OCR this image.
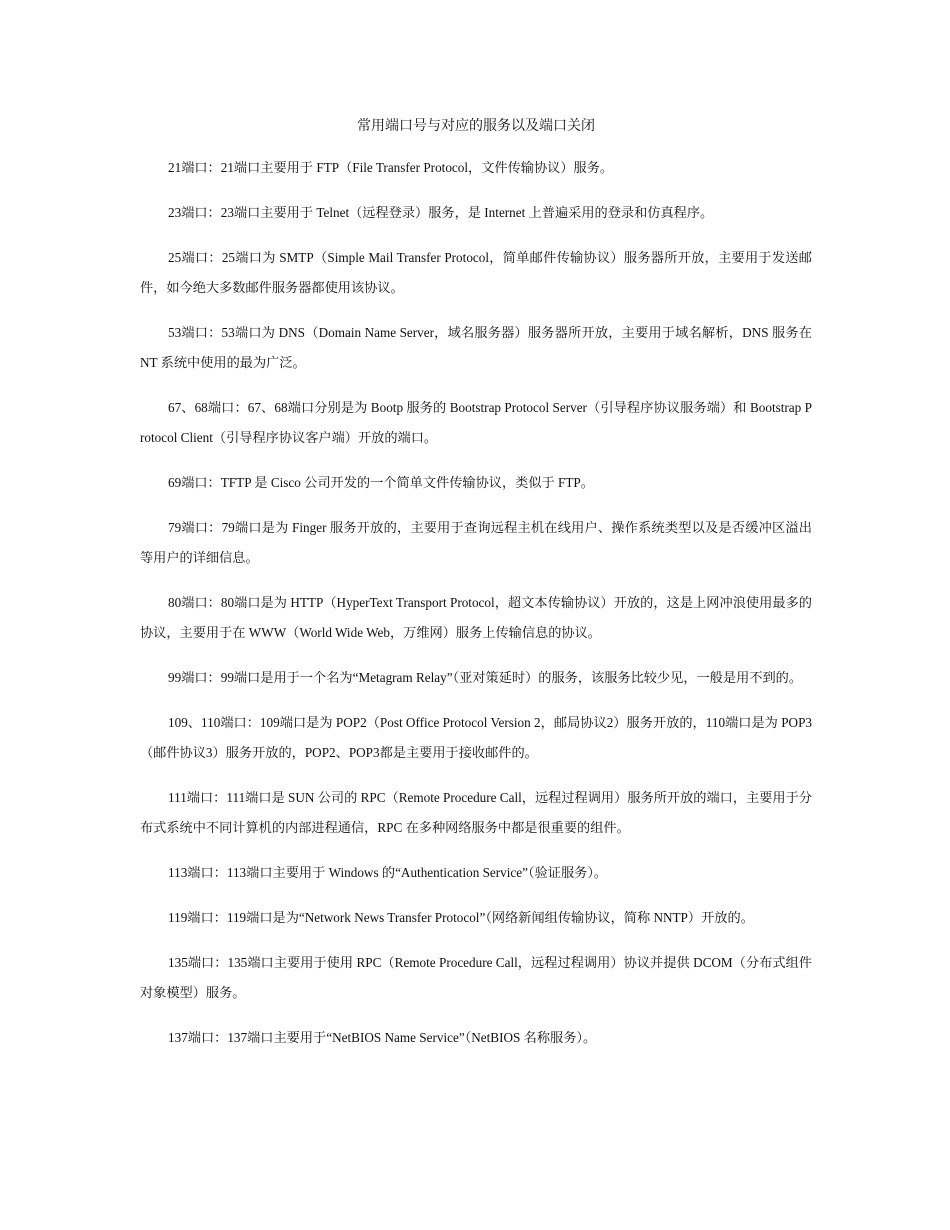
常用端口号与对应的服务以及端口关闭

21端口：21端口主要用于 FTP（File Transfer Protocol，文件传输协议）服务。

23端口：23端口主要用于 Telnet（远程登录）服务，是 Internet 上普遍采用的登录和仿真程序。

25端口：25端口为 SMTP（Simple Mail Transfer Protocol，简单邮件传输协议）服务器所开放，主要用于发送邮件，如今绝大多数邮件服务器都使用该协议。

53端口：53端口为 DNS（Domain Name Server，域名服务器）服务器所开放，主要用于域名解析，DNS 服务在 NT 系统中使用的最为广泛。

67、68端口：67、68端口分别是为 Bootp 服务的 Bootstrap Protocol Server（引导程序协议服务端）和 Bootstrap Protocol Client（引导程序协议客户端）开放的端口。

69端口：TFTP 是 Cisco 公司开发的一个简单文件传输协议，类似于 FTP。

79端口：79端口是为 Finger 服务开放的，主要用于查询远程主机在线用户、操作系统类型以及是否缓冲区溢出等用户的详细信息。

80端口：80端口是为 HTTP（HyperText Transport Protocol，超文本传输协议）开放的，这是上网冲浪使用最多的协议，主要用于在 WWW（World Wide Web，万维网）服务上传输信息的协议。

99端口：99端口是用于一个名为“Metagram Relay”（亚对策延时）的服务，该服务比较少见，一般是用不到的。

109、110端口：109端口是为 POP2（Post Office Protocol Version 2，邮局协议2）服务开放的，110端口是为 POP3（邮件协议3）服务开放的，POP2、POP3都是主要用于接收邮件的。

111端口：111端口是 SUN 公司的 RPC（Remote Procedure Call，远程过程调用）服务所开放的端口，主要用于分布式系统中不同计算机的内部进程通信，RPC 在多种网络服务中都是很重要的组件。

113端口：113端口主要用于 Windows 的“Authentication Service”（验证服务）。

119端口：119端口是为“Network News Transfer Protocol”（网络新闻组传输协议，简称 NNTP）开放的。

135端口：135端口主要用于使用 RPC（Remote Procedure Call，远程过程调用）协议并提供 DCOM（分布式组件对象模型）服务。

137端口：137端口主要用于“NetBIOS Name Service”（NetBIOS 名称服务）。
